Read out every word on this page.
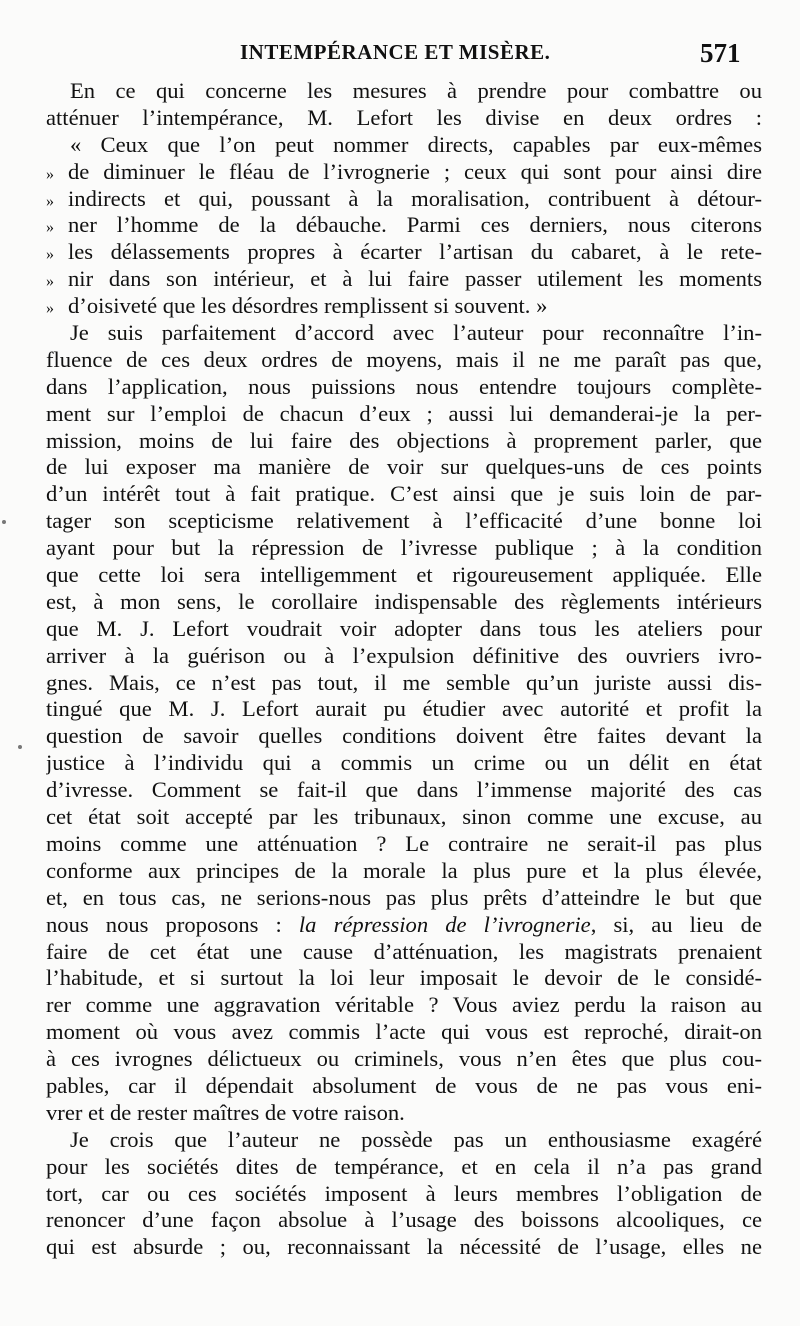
INTEMPÉRANCE ET MISÈRE.	571
En ce qui concerne les mesures à prendre pour combattre ou
atténuer l’intempérance, M. Lefort les divise en deux ordres :
« Ceux que l’on peut nommer directs, capables par eux-mêmes
» de diminuer le fléau de l’ivrognerie ; ceux qui sont pour ainsi dire
» indirects et qui, poussant à la moralisation, contribuent à détour-
» ner l’homme de la débauche. Parmi ces derniers, nous citerons
» les délassements propres à écarter l’artisan du cabaret, à le rete-
» nir dans son intérieur, et à lui faire passer utilement les moments
» d’oisiveté que les désordres remplissent si souvent. »
Je suis parfaitement d’accord avec l’auteur pour reconnaître l’in-
fluence de ces deux ordres de moyens, mais il ne me paraît pas que,
dans l’application, nous puissions nous entendre toujours complète-
ment sur l’emploi de chacun d’eux ; aussi lui demanderai-je la per-
mission, moins de lui faire des objections à proprement parler, que
de lui exposer ma manière de voir sur quelques-uns de ces points
d’un intérêt tout à fait pratique. C’est ainsi que je suis loin de par-
tager son scepticisme relativement à l’efficacité d’une bonne loi
ayant pour but la répression de l’ivresse publique ; à la condition
que cette loi sera intelligemment et rigoureusement appliquée. Elle
est, à mon sens, le corollaire indispensable des règlements intérieurs
que M. J. Lefort voudrait voir adopter dans tous les ateliers pour
arriver à la guérison ou à l’expulsion définitive des ouvriers ivro-
gnes. Mais, ce n’est pas tout, il me semble qu’un juriste aussi dis-
tingué que M. J. Lefort aurait pu étudier avec autorité et profit la
question de savoir quelles conditions doivent être faites devant la
justice à l’individu qui a commis un crime ou un délit en état
d’ivresse. Comment se fait-il que dans l’immense majorité des cas
cet état soit accepté par les tribunaux, sinon comme une excuse, au
moins comme une atténuation ? Le contraire ne serait-il pas plus
conforme aux principes de la morale la plus pure et la plus élevée,
et, en tous cas, ne serions-nous pas plus prêts d’atteindre le but que
nous nous proposons : la répression de l’ivrognerie, si, au lieu de
faire de cet état une cause d’atténuation, les magistrats prenaient
l’habitude, et si surtout la loi leur imposait le devoir de le considé-
rer comme une aggravation véritable ? Vous aviez perdu la raison au
moment où vous avez commis l’acte qui vous est reproché, dirait-on
à ces ivrognes délictueux ou criminels, vous n’en êtes que plus cou-
pables, car il dépendait absolument de vous de ne pas vous eni-
vrer et de rester maîtres de votre raison.
Je crois que l’auteur ne possède pas un enthousiasme exagéré
pour les sociétés dites de tempérance, et en cela il n’a pas grand
tort, car ou ces sociétés imposent à leurs membres l’obligation de
renoncer d’une façon absolue à l’usage des boissons alcooliques, ce
qui est absurde ; ou, reconnaissant la nécessité de l’usage, elles ne
